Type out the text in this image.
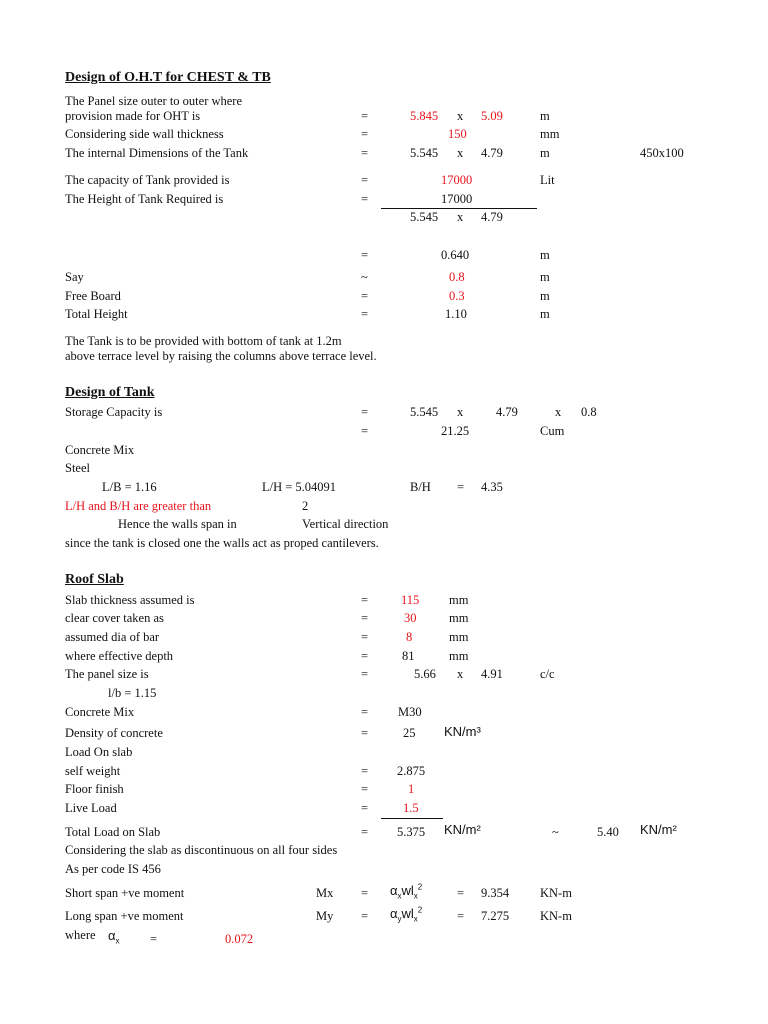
Design of O.H.T for CHEST & TB
The Panel size outer to outer where
provision made for OHT is	=	5.845 x 5.09	m
Considering side wall thickness	=	150	mm
The internal Dimensions of the Tank	=	5.545 x 4.79	m	450x100
The capacity of Tank provided is	=	17000	Lit
The Height of Tank Required is	=	17000
5.545 x 4.79
=	0.640	m
Say	~	0.8	m
Free Board	=	0.3	m
Total Height	=	1.10	m
The Tank is to be provided with bottom of tank at 1.2m
above terrace level by raising the columns above terrace level.
Design of Tank
Storage Capacity is	=	5.545 x	4.79	x 0.8
=	21.25	Cum
Concrete Mix
Steel
L/B = 1.16	L/H = 5.04091	B/H = 4.35
L/H and B/H are greater than	2
Hence the walls span in	Vertical direction
since the tank is closed one the walls act as proped cantilevers.
Roof Slab
Slab thickness assumed is	=	115 mm
clear cover taken as	=	30	mm
assumed dia of bar	=	8	mm
where effective depth	=	81	mm
The panel size is	=	5.66 x 4.91	c/c
l/b = 1.15
Concrete Mix	= M30
Density of concrete	=	25 KN/m³
Load On slab
self weight	= 2.875
Floor finish	=	1
Live Load	=	1.5
Total Load on Slab	= 5.375 KN/m²	~	5.40 KN/m²
Considering the slab as discontinuous on all four sides
As per code IS 456
Short span +ve moment	$Mx = \alpha_xwl_x^2$	= 9.354 KN-m
Long span +ve moment	$My = \alpha_ywl_x^2$	= 7.275 KN-m
where $\alpha_x$ =	0.072
